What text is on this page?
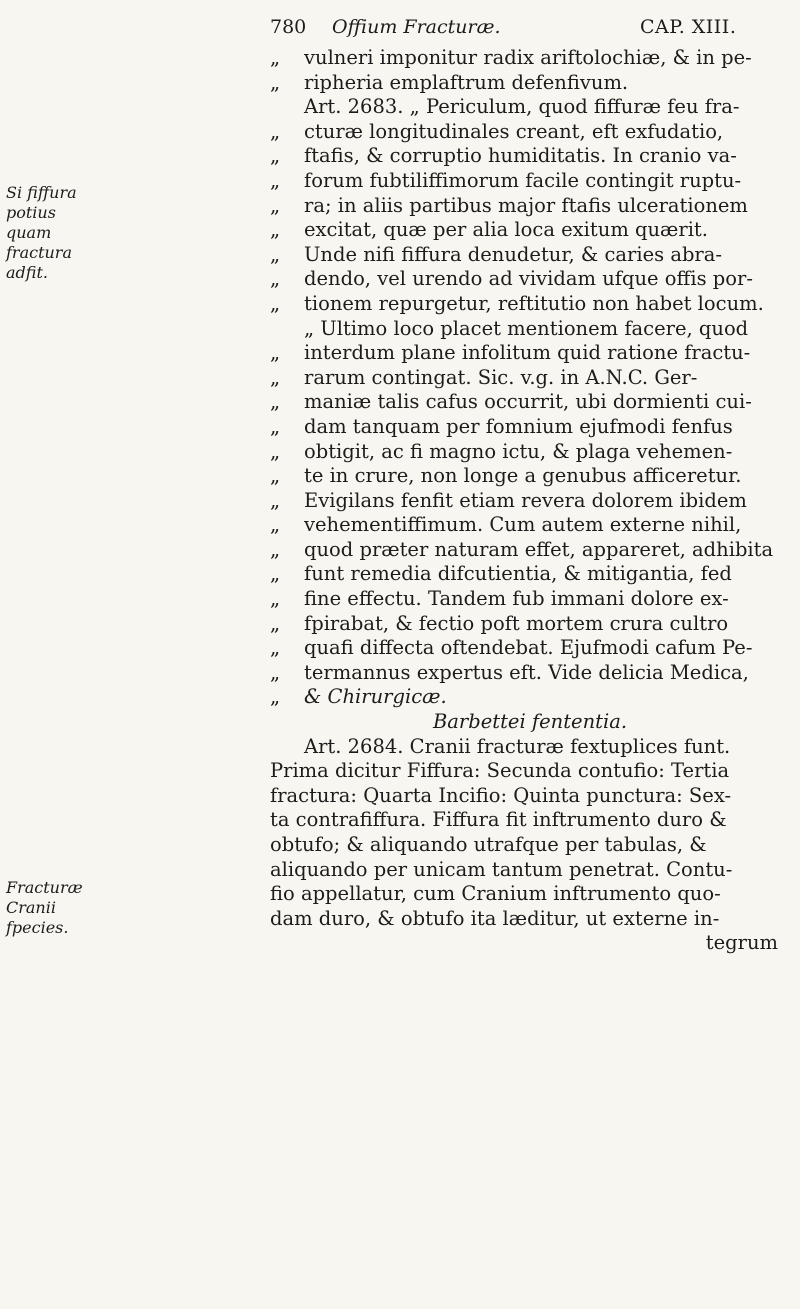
780 Offium Fracturæ.	CAP. XIII.
Si fiffura potius quam fractura adfit.
Fracturæ Cranii fpecies.
„ vulneri imponitur radix ariftolochiæ, & in pe-
„ ripheria emplaftrum defenfivum.
Art. 2683. „ Periculum, quod fiffuræ feu fra-
„ cturæ longitudinales creant, eft exfudatio,
„ ftafis, & corruptio humiditatis. In cranio va-
„ forum fubtiliffimorum facile contingit ruptu-
„ ra; in aliis partibus major ftafis ulcerationem
„ excitat, quæ per alia loca exitum quærit.
„ Unde nifi fiffura denudetur, & caries abra-
„ dendo, vel urendo ad vividam ufque offis por-
„ tionem repurgetur, reftitutio non habet locum.
„ Ultimo loco placet mentionem facere, quod
„ interdum plane infolitum quid ratione fractu-
„ rarum contingat. Sic. v.g. in A.N.C. Ger-
„ maniæ talis cafus occurrit, ubi dormienti cui-
„ dam tanquam per fomnium ejufmodi fenfus
„ obtigit, ac fi magno ictu, & plaga vehemen-
„ te in crure, non longe a genubus afficeretur.
„ Evigilans fenfit etiam revera dolorem ibidem
„ vehementiffimum. Cum autem externe nihil,
„ quod præter naturam effet, appareret, adhibita
„ funt remedia difcutientia, & mitigantia, fed
„ fine effectu. Tandem fub immani dolore ex-
„ fpirabat, & fectio poft mortem crura cultro
„ quafi diffecta oftendebat. Ejufmodi cafum Pe-
„ termannus expertus eft. Vide delicia Medica,
„ & Chirurgicæ.
Barbettei fententia.
Art. 2684. Cranii fracturæ fextuplices funt.
Prima dicitur Fiffura: Secunda contufio: Tertia
fractura: Quarta Incifio: Quinta punctura: Sex-
ta contrafiffura. Fiffura fit inftrumento duro &
obtufo; & aliquando utrafque per tabulas, &
aliquando per unicam tantum penetrat. Contu-
fio appellatur, cum Cranium inftrumento quo-
dam duro, & obtufo ita læditur, ut externe in-
tegrum
